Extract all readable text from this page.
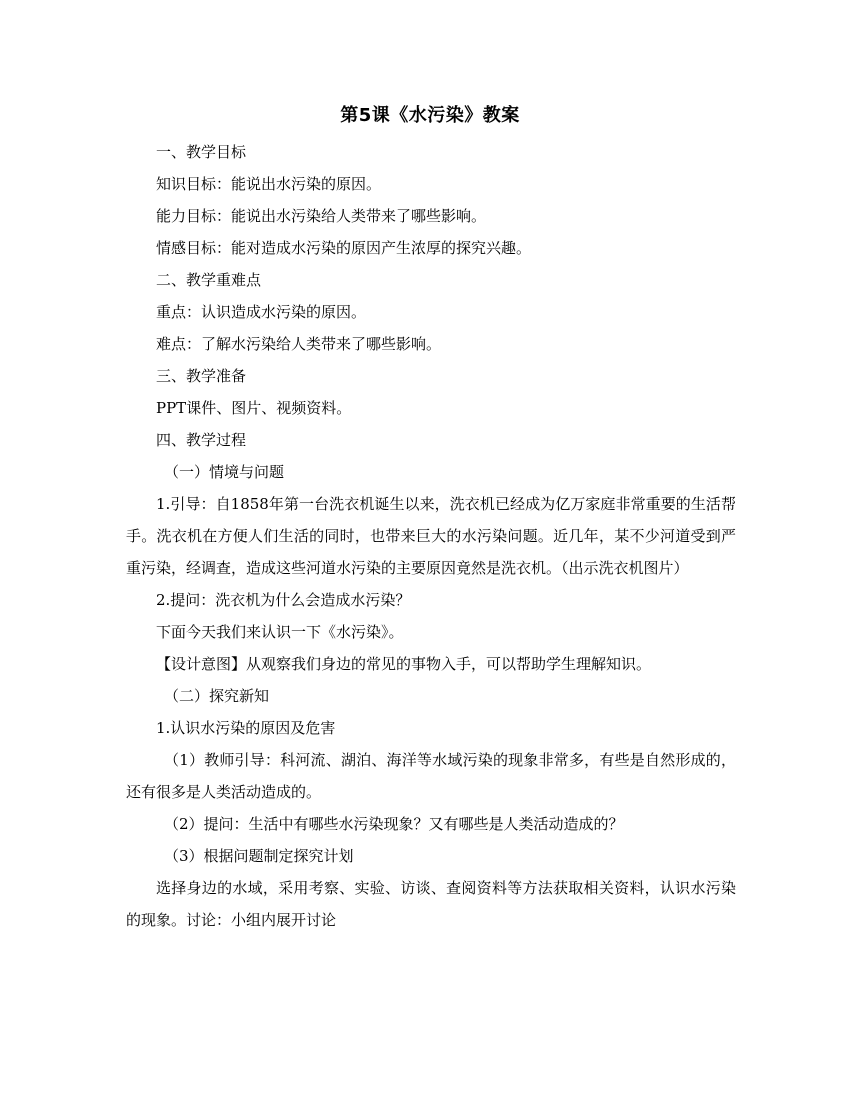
第5课《水污染》教案

一、教学目标

知识目标：能说出水污染的原因。

能力目标：能说出水污染给人类带来了哪些影响。

情感目标：能对造成水污染的原因产生浓厚的探究兴趣。

二、教学重难点

重点：认识造成水污染的原因。

难点：了解水污染给人类带来了哪些影响。

三、教学准备

PPT课件、图片、视频资料。

四、教学过程

（一）情境与问题

1.引导：自1858年第一台洗衣机诞生以来，洗衣机已经成为亿万家庭非常重要的生活帮手。洗衣机在方便人们生活的同时，也带来巨大的水污染问题。近几年，某不少河道受到严重污染，经调查，造成这些河道水污染的主要原因竟然是洗衣机。（出示洗衣机图片）

2.提问：洗衣机为什么会造成水污染？

下面今天我们来认识一下《水污染》。

【设计意图】从观察我们身边的常见的事物入手，可以帮助学生理解知识。

（二）探究新知

1.认识水污染的原因及危害

（1）教师引导：科河流、湖泊、海洋等水域污染的现象非常多，有些是自然形成的，还有很多是人类活动造成的。

（2）提问：生活中有哪些水污染现象？又有哪些是人类活动造成的？

（3）根据问题制定探究计划

选择身边的水域，采用考察、实验、访谈、查阅资料等方法获取相关资料，认识水污染的现象。讨论：小组内展开讨论
